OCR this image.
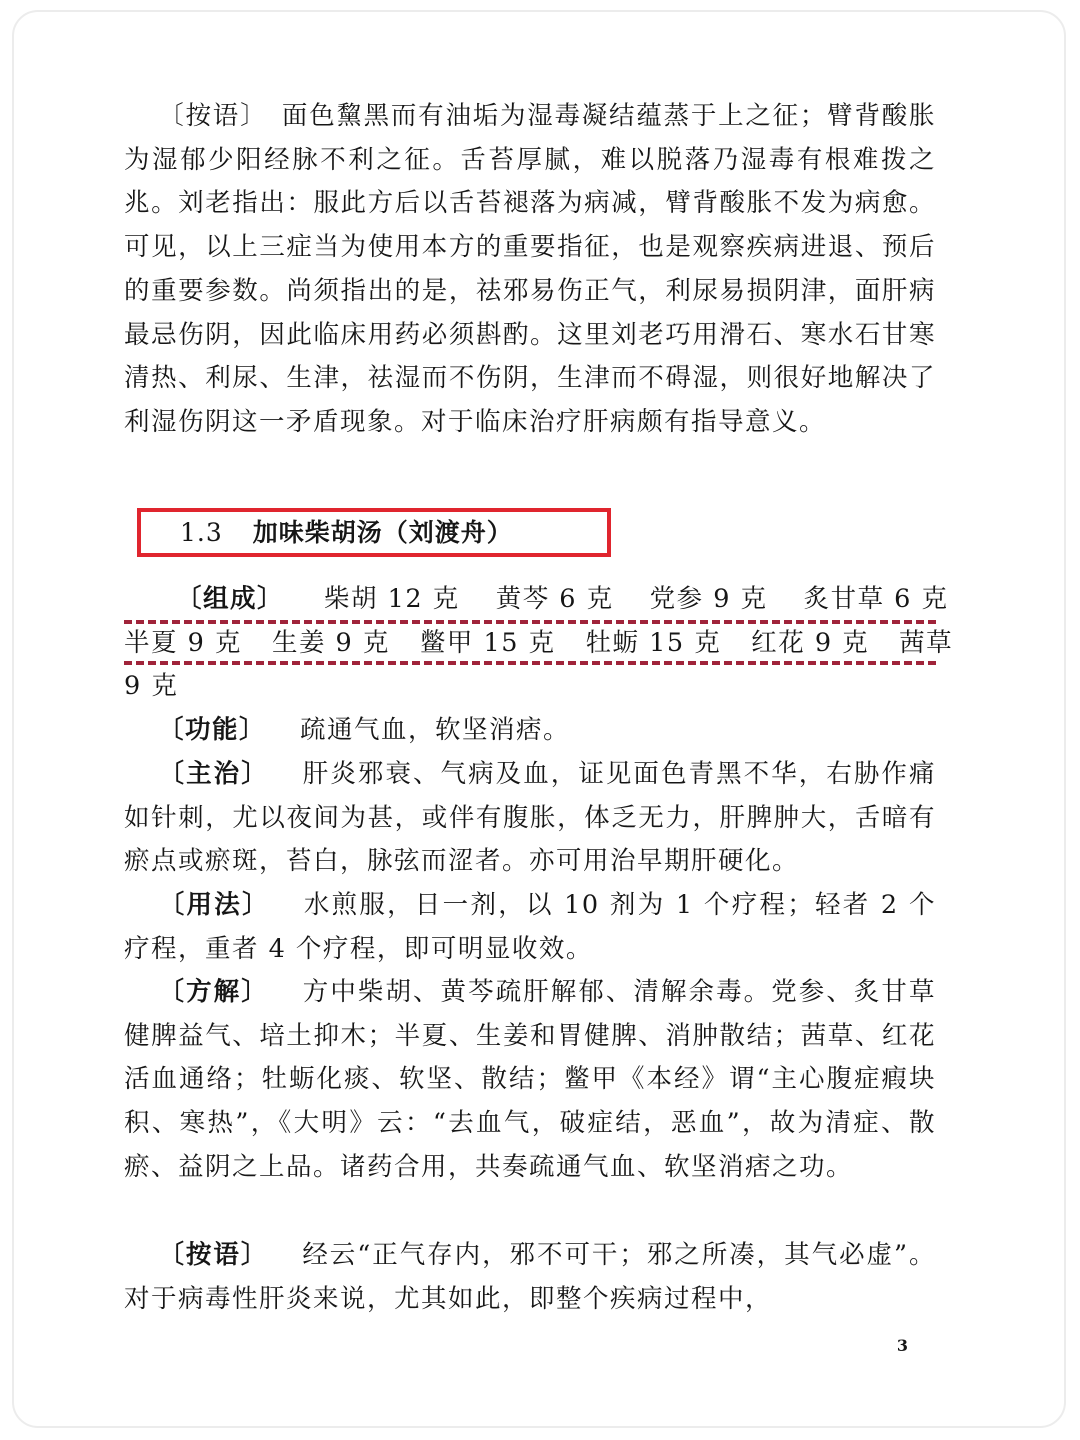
〔按语〕　面色黧黑而有油垢为湿毒凝结蕴蒸于上之征；臂背酸胀为湿郁少阳经脉不利之征。舌苔厚腻，难以脱落乃湿毒有根难拨之兆。刘老指出：服此方后以舌苔褪落为病减，臂背酸胀不发为病愈。可见，以上三症当为使用本方的重要指征，也是观察疾病进退、预后的重要参数。尚须指出的是，祛邪易伤正气，利尿易损阴津，面肝病最忌伤阴，因此临床用药必须斟酌。这里刘老巧用滑石、寒水石甘寒清热、利尿、生津，祛湿而不伤阴，生津而不碍湿，则很好地解决了利湿伤阴这一矛盾现象。对于临床治疗肝病颇有指导意义。

1.3 加味柴胡汤（刘渡舟）
〔组成〕 柴胡 12 克 黄芩 6 克 党参 9 克 炙甘草 6 克
半夏 9 克 生姜 9 克 鳖甲 15 克 牡蛎 15 克 红花 9 克 茜草
9 克

〔功能〕 疏通气血，软坚消痞。

〔主治〕 肝炎邪衰、气病及血，证见面色青黑不华，右胁作痛如针刺，尤以夜间为甚，或伴有腹胀，体乏无力，肝脾肿大，舌暗有瘀点或瘀斑，苔白，脉弦而涩者。亦可用治早期肝硬化。

〔用法〕 水煎服，日一剂，以 10 剂为 1 个疗程；轻者 2 个疗程，重者 4 个疗程，即可明显收效。

〔方解〕 方中柴胡、黄芩疏肝解郁、清解余毒。党参、炙甘草健脾益气、培土抑木；半夏、生姜和胃健脾、消肿散结；茜草、红花活血通络；牡蛎化痰、软坚、散结；鳖甲《本经》谓“主心腹症瘕块积、寒热”，《大明》云：“去血气，破症结，恶血”，故为清症、散瘀、益阴之上品。诸药合用，共奏疏通气血、软坚消痞之功。

〔按语〕 经云“正气存内，邪不可干；邪之所凑，其气必虚”。对于病毒性肝炎来说，尤其如此，即整个疾病过程中，

3
